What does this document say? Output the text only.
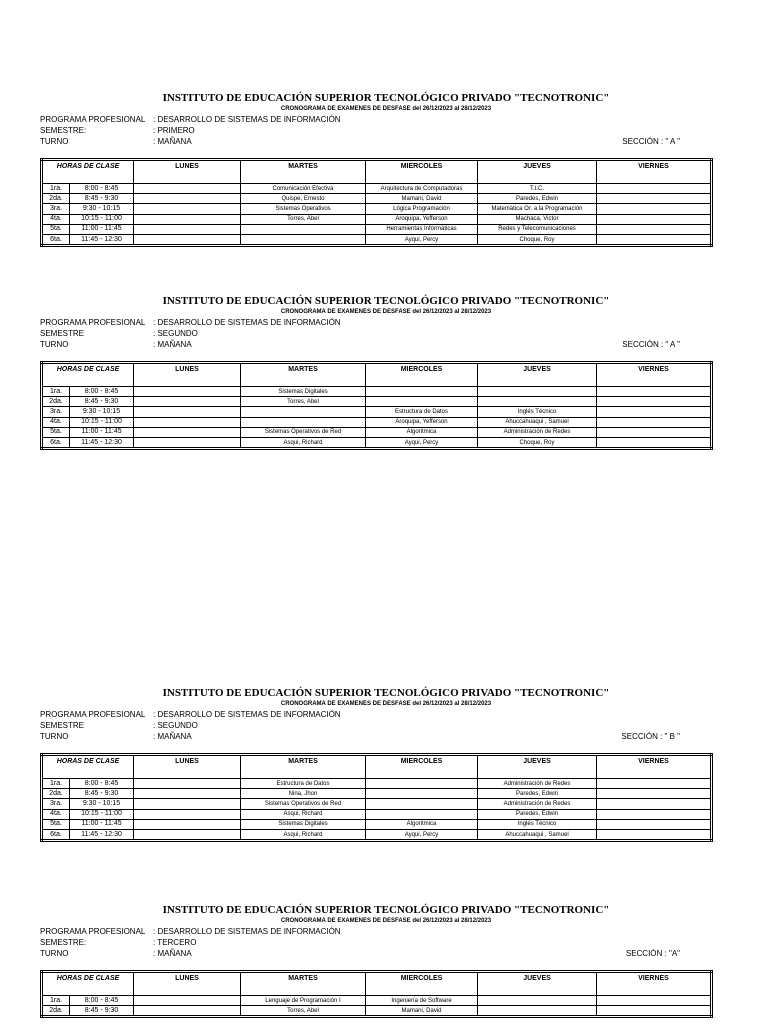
INSTITUTO DE EDUCACIÓN SUPERIOR TECNOLÓGICO PRIVADO "TECNOTRONIC"
CRONOGRAMA DE EXAMENES DE DESFASE del 26/12/2023 al 28/12/2023
PROGRAMA PROFESIONAL : DESARROLLO DE SISTEMAS DE INFORMACIÓN
SEMESTRE:	: PRIMERO
TURNO	: MAÑANA	SECCIÓN : " A "
HORAS DE CLASE		LUNES	MARTES	MIERCOLES	JUEVES	VIERNES
1ra.	8:00 - 8:45		Comunicación Efectiva	Arquitectura de Computadoras	T.I.C.	
2da.	8:45 - 9:30		Quispe, Ernesto	Mamani, David	Paredes, Edwin	
3ra.	9:30 - 10:15		Sistemas Operativos	Lógica Programación	Matemática Or. a la Programación	
4ta.	10:15 - 11:00		Torres, Abel	Aroquipa, Yefferson	Machaca, Victor	
5ta.	11:00 - 11:45			Herramientas Informáticas	Redes y Telecomunicaciones	
6ta.	11:45 - 12:30			Ayqui, Percy	Choque, Roy	
INSTITUTO DE EDUCACIÓN SUPERIOR TECNOLÓGICO PRIVADO "TECNOTRONIC"
CRONOGRAMA DE EXAMENES DE DESFASE del 26/12/2023 al 28/12/2023
PROGRAMA PROFESIONAL : DESARROLLO DE SISTEMAS DE INFORMACIÓN
SEMESTRE	: SEGUNDO
TURNO	: MAÑANA	SECCIÓN : " A "
HORAS DE CLASE		LUNES	MARTES	MIERCOLES	JUEVES	VIERNES
1ra.	8:00 - 8:45		Sistemas Digitales			
2da.	8:45 - 9:30		Torres, Abel			
3ra.	9:30 - 10:15			Estructura de Datos	Inglés Técnico	
4ta.	10:15 - 11:00			Aroquipa, Yefferson	Ahuccahuaqui , Samuel	
5ta.	11:00 - 11:45		Sistemas Operativos de Red	Algoritmica	Administración de Redes	
6ta.	11:45 - 12:30		Asqui, Richard	Ayqui, Percy	Choque, Roy	
INSTITUTO DE EDUCACIÓN SUPERIOR TECNOLÓGICO PRIVADO "TECNOTRONIC"
CRONOGRAMA DE EXAMENES DE DESFASE del 26/12/2023 al 28/12/2023
PROGRAMA PROFESIONAL : DESARROLLO DE SISTEMAS DE INFORMACIÓN
SEMESTRE	: SEGUNDO
TURNO	: MAÑANA	SECCIÓN : " B "
HORAS DE CLASE		LUNES	MARTES	MIERCOLES	JUEVES	VIERNES
1ra.	8:00 - 8:45		Estructura de Datos		Administración de Redes	
2da.	8:45 - 9:30		Nina, Jhon		Paredes, Edwin	
3ra.	9:30 - 10:15		Sistemas Operativos de Red		Administración de Redes	
4ta.	10:15 - 11:00		Asqui, Richard		Paredes, Edwin	
5ta.	11:00 - 11:45		Sistemas Digitales	Algoritmica	Inglés Técnico	
6ta.	11:45 - 12:30		Asqui, Richard	Ayqui, Percy	Ahuccahuaqui , Samuel	
INSTITUTO DE EDUCACIÓN SUPERIOR TECNOLÓGICO PRIVADO "TECNOTRONIC"
CRONOGRAMA DE EXAMENES DE DESFASE del 26/12/2023 al 28/12/2023
PROGRAMA PROFESIONAL : DESARROLLO DE SISTEMAS DE INFORMACIÓN
SEMESTRE:	: TERCERO
TURNO	: MAÑANA	SECCIÓN : "A"
HORAS DE CLASE		LUNES	MARTES	MIERCOLES	JUEVES	VIERNES
1ra.	8:00 - 8:45		Lenguaje de Programación I	Ingeniería de Software		
2da.	8:45 - 9:30		Torres, Abel	Mamani, David		
